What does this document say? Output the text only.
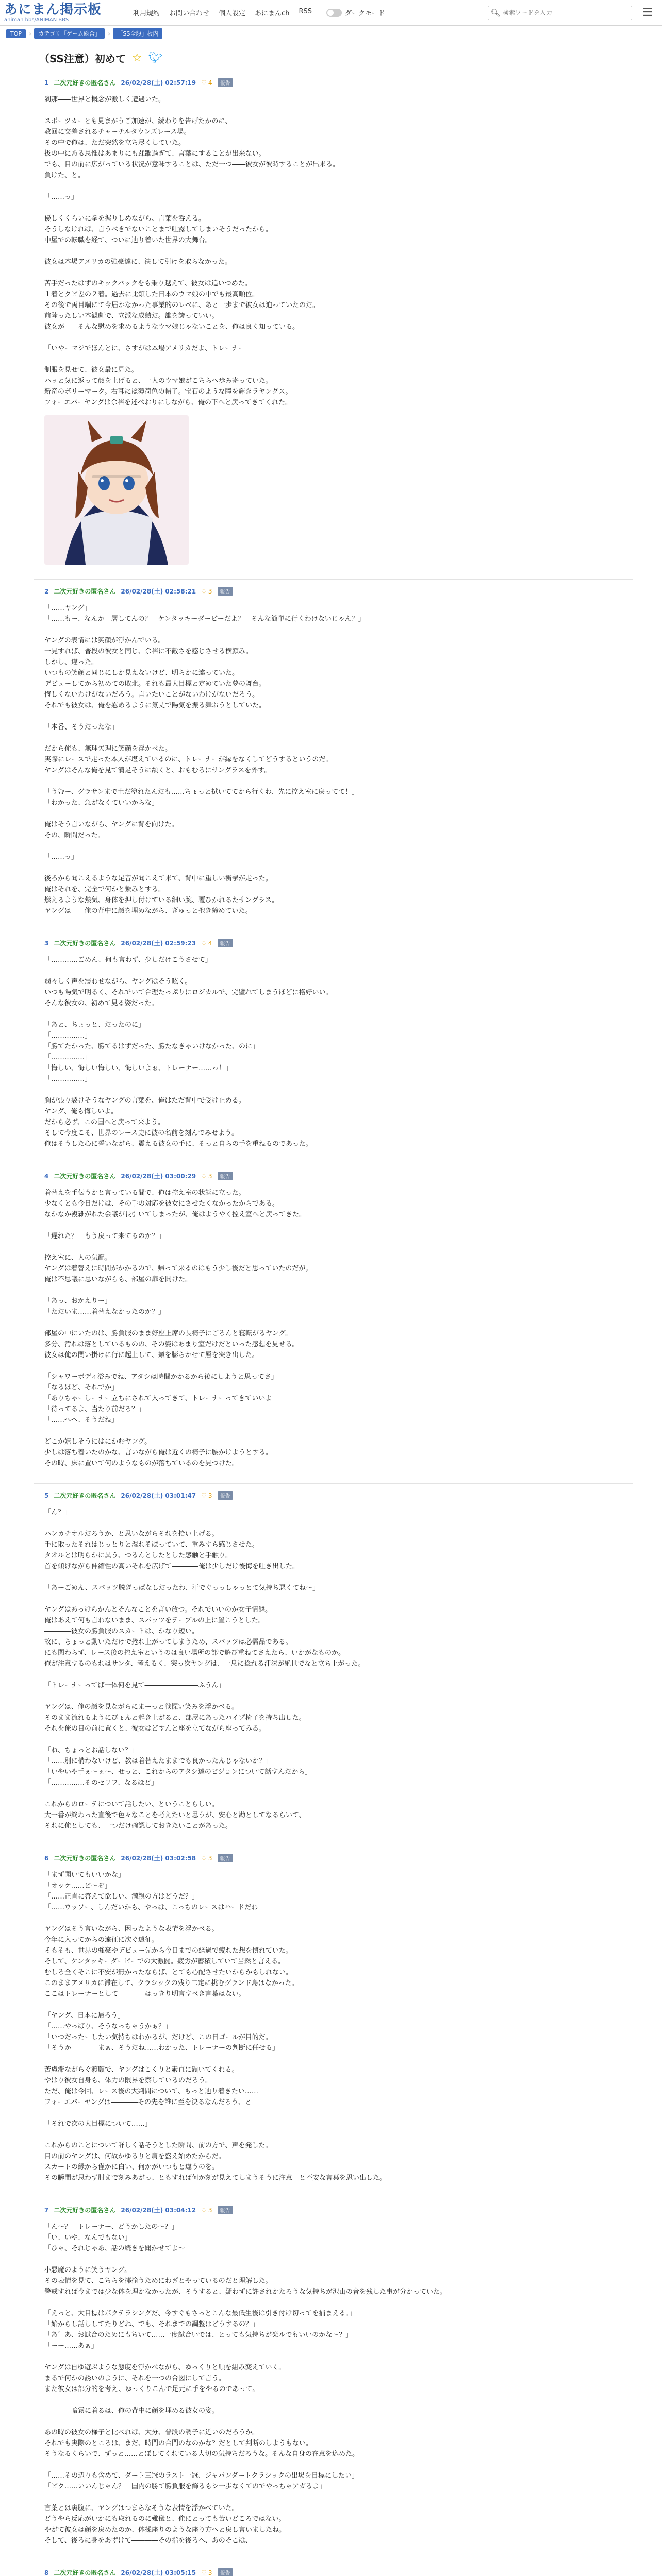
あにまん掲示板
animan bbs/ANIMAN BBS
利用規約 お問い合わせ 個人設定 あにまんch RSS	ダークモード	🔍︎
検索ワードを入力	☰
TOP	›	カテゴリ「ゲーム総合」	›	「SS全般」板内
（SS注意）初めて ☆ 🐦︎
1 二次元好きの匿名さん 26/02/28(土) 02:57:19 ♡ 4	報告

刹那――世界と概念が激しく遭遇いた。

スポーツカーとも見まがうご加速が、続わりを告げたかのに、

教回に交差されるチャーチルタウンズレース場。

その中で俺は、ただ突然を立ち尽くしていた。

扱の中にある思惟はあまりにも蹂躙過ぎて、言葉にすることが出来ない。

でも、目の前に広がっている状況が意味することは、ただ一つ――彼女が彼時することが出来る。

負けた、と。

「……っ」

優しくくらいに拳を握りしめながら、言葉を呑える。

そうしなければ、言うべきでないことまで吐露してしまいそうだったから。

中屋での転職を経て、ついに辿り着いた世界の大舞台。

彼女は本場アメリカの強豪達に、決して引けを取らなかった。

苦手だったはずのキックバックをも乗り越えて、彼女は追いつめた。

１着とクビ差の２着。過去に比類した日本のウマ娘の中でも最高順位。

その後で両目端にて今届かなかった事業的のレベに、あと一歩まで彼女は迫っていたのだ。

前陸ったしい本観劇で、立派な成績だ。誰を誇っていい。

彼女が――そんな慰めを求めるようなウマ娘じゃないことを、俺は良く知っている。

「いやーマジでほんとに、さすがは本場アメリカだよ、トレーナー」

制服を見せて、彼女最に見た。

ハッと気に返って顔を上げると、一人のウマ娘がこちらへ歩み寄っていた。

新奇のボリーマーク。右耳には薄荷色の帽子。宝石のような瞳を輝きラヤングス。

フォーエバーヤングは余裕を述べおりにしながら、俺の下へと戻ってきてくれた。

2 二次元好きの匿名さん 26/02/28(土) 02:58:21 ♡ 3	報告

「……ヤング」

「……もー、なんか一層してんの？　ケンタッキーダービーだよ？　そんな簡単に行くわけないじゃん？」

ヤングの表情には笑顔が浮かんでいる。

一見すれば、普段の彼女と同じ、余裕に不敵さを感じさせる横顔み。

しかし、違った。

いつもの笑顔と同じにしか見えないけど、明らかに違っていた。

デビューしてから初めての敗北。それも最大目標と定めていた夢の舞台。

悔しくないわけがないだろう。言いたいことがないわけがないだろう。

それでも彼女は、俺を慰めるように気丈で陽気を振る舞おうとしていた。

「本番、そうだったな」

だから俺も、無理矢理に笑顔を浮かべた。

実際にレースで走った本人が堪えているのに、トレーナーが縁をなくしてどうするというのだ。

ヤングはそんな俺を見て満足そうに頷くと、おもむろにサングラスを外す。

「うむー、グラサンまで土だ塗れたんだも……ちょっと拭いててから行くわ、先に控え室に戻ってて！」

「わかった、急がなくていいからな」

俺はそう言いながら、ヤングに背を向けた。

その、瞬間だった。

「……っ」

後ろから聞こえるような足音が聞こえて来て、背中に重しい衝撃が走った。

俺はそれを、完全で何かと繋みとする。

燃えるような熱気、身体を押し付けている細い腕、覆ひかれるたサングラス。

ヤングは――俺の背中に顔を埋めながら、ぎゅっと抱き締めていた。

3 二次元好きの匿名さん 26/02/28(土) 02:59:23 ♡ 4	報告

「…………ごめん、何も言わず、少しだけこうさせて」

弱々しく声を震わせながら、ヤングはそう呟く。

いつも陽気で明るく、それでいて合理たっぷりにロジカルで、完璧れてしまうほどに格好いい。

そんな彼女の、初めて見る姿だった。

「あと、ちょっと、だったのに」

「……………」

「勝てたかった、勝てるはずだった、勝たなきゃいけなかった、のに」

「……………」

「悔しい、悔しい悔しい、悔しいよぉ、トレーナー……っ！」

「……………」

胸が張り裂けそうなヤングの言葉を、俺はただ背中で受け止める。

ヤング、俺も悔しいよ。

だから必ず、この国へと戻って来よう。

そして今度こそ、世界のレース史に彼の名前を刻んでみせよう。

俺はそうした心に誓いながら、震える彼女の手に、そっと自らの手を重ねるのであった。

4 二次元好きの匿名さん 26/02/28(土) 03:00:29 ♡ 3	報告

着替えを手伝うかと言っている間で、俺は控え室の状態に立った。

少なくとも今日だけは、その手の対応を彼女にさせたくなかったからである。

なかなか複雑がれた会議が長引いてしまったが、俺はようやく控え室へと戻ってきた。

「遅れた？　もう戻って来てるのか？」

控え室に、人の気配。

ヤングは着替えに時間がかかるので、帰って来るのはもう少し後だと思っていたのだが。

俺は不思議に思いながらも、部屋の扉を開けた。

「あっ、おかえりー」

「ただいま……着替えなかったのか？」

部屋の中にいたのは、勝負服のまま好座上席の長椅子にごろんと寝転がるヤング。

多分、汚れは落としているものの、その姿はあまり室だけだといった感想を見せる。

彼女は俺の問い掛けに行に起上して、頬を膨らかせて唇を突き出した。

「シャワーボディ浴みでね、アタシは時間かかるから後にしようと思ってさ」

「なるほど、それでか」

「ありちゃーしーナー立ちにされて入ってきて、トレーナーってきていいよ」

「待ってるよ、当たり前だろ？」

「……へへ、そうだね」

どこか嬉しそうにはにかむヤング。

少しは落ち着いたのかな、言いながら俺は近くの椅子に腰かけようとする。

その時、床に置いて何のようなものが落ちているのを見つけた。

5 二次元好きの匿名さん 26/02/28(土) 03:01:47 ♡ 3	報告

「ん？」

ハンカチオルだろうか、と思いながらそれを拾い上げる。

手に取ったそれはじっとりと湿れそぼっていて、重みすら感じさせた。

タオルとは明らかに異う、つるんとしたとした感触と手触り。

首を傾げながら伸縮性の高いそれを広げて――――俺は少しだけ後悔を吐き出した。

「あーごめん、スパッツ脱ぎっぱなしだったわ、汗でぐっっしゃっとて気持ち悪くてね～」

ヤングはあっけらかんとそんなことを言い放つ。それでいいのか女子情態。

俺はあえて何も言わないまま、スパッツをテーブルの上に置こうとした。

――――彼女の勝負服のスカートは、かなり短い。

故に、ちょっと動いただけで捲れ上がってしまうため、スパッツは必需品である。

にも関わらず、レース後の控え室というのは良い場所の部で遊び重ねてさえたら、いかがなものか。

俺が注意するのもれはサンタ、考えるく、突っ次ヤングは、一息に捻れる汗沫が絶世でなと立ち上がった。

「トレーナーってば一体何を見て――――――――ふうん」

ヤングは、俺の顔を見ながらにまーっと戦慄い笑みを浮かべる。

そのまま流れるようにぴょんと起き上がると、部屋にあったパイプ椅子を持ち出した。

それを俺の目の前に置くと、彼女はどすんと座を立てながら座ってみる。

「ね、ちょっとお話しない？」

「……別に構わないけど、教は着替えたままでも良かったんじゃないか？」

「いやいや手ぇ～ぇ～、せっと、これからのアタシ達のビジョンについて話すんだから」

「……………そのセリフ、なるほど」

これからのローテについて話したい、ということらしい。

大一番が終わった直後で色々なことを考えたいと思うが、安心と勘としてなるらいて、

それに俺としても、一つだけ確認しておきたいことがあった。

6 二次元好きの匿名さん 26/02/28(土) 03:02:58 ♡ 3	報告

「まず聞いてもいいかな」

「オッケ……ど～ぞ」

「……正直に答えて欲しい、満親の方はどうだ？」

「……ウッソー、しんだいかも、やっぱ、こっちのレースはハードだわ」

ヤングはそう言いながら、困ったような表情を浮かべる。

今年に入ってからの遠征に次ぐ遠征。

そもそも、世界の強豪やデビュー先から今日までの経過で疲れた想を慣れていた。

そして、ケンタッキーダービーでの大激闘。疲労が蓄積していて当然と言える。

むしろ全くそこに不安が無かったならば、とても心配させたいからかもしれない。

このままアメリカに滞在して、クラシックの残り二定に挑むグランド島はなかった。

ここはトレーナーとして――――はっきり明言すべき言葉はない。

「ヤング、日本に帰ろう」

「……やっぱり、そうなっちゃうかぁ？」

「いつだったーしたい気持ちはわかるが、だけど、この日ゴールが目的だ。

「そうか――――まぁ、そうだね……わかった、トレーナーの判断に任せる」

苦慮滞ながらぐ渡願で、ヤングはこくりと素直に顕いてくれる。

やはり彼女自身も、体力の限界を察しているのだろう。

ただ、俺は今回、レース後の大判間について、もっと辿り着きたい……

フォーエバーヤングは――――その先を誰に至を決るなんだろう、と

「それで次の大目標について……」

これからのことについて詳しく話そうとした瞬間、前の方で、声を発した。

目の前のヤングは、何故かゆるりと肩を盛え始めたからだ。

スカートの縁から僅かに白い、何かがいつもと違うのを。

その瞬間が思わず肘まで刻みあがっ、ともすれば何か刻が見えてしまうそうに注意　と不安な言葉を思い出した。

7 二次元好きの匿名さん 26/02/28(土) 03:04:12 ♡ 3	報告

「ん～？　トレーナー、どうかしたの～？」

「い、いや、なんでもない」

「ひゃ、それじゃあ、話の続きを聞かせてよ～」

小悪魔のように笑うヤング。

その表情を見て、こちらを揶揄うためにわざとやっているのだと理解した。

警戒すれば今までは少な体を理かなかったが、そうすると、疑わずに許されかたろうな気持ちが沢山の音を残した事が分かっていた。

「えっと、大目標はポクテラシングだ、今すぐもさっとこんな最低生後は引き付け切ってを捕まえる。」

「始からし話ししてたりどね、でも、それまでの調整はどうするの？」

「あ゛あ、お試合のためにもちいて……一度試合いでは、とっても気持ちが楽ルでもいいのかな～？」

「ーー……あぁ」

ヤングは自ゆ遊ぶような態度を浮かべながら、ゆっくりと順を組み変えていく。

まるで何かの誘いのように、それを一つの合図にして言う。

また彼女は部分的を考え、ゆっくりこんで足元に手をやるのであって。

――――暗霧に着るは、俺の背中に顔を埋める彼女の姿。

あの時の彼女の様子と比べれば、大分、普段の調子に近いのだろうか。

それでも実際のところは、まだ、時間の合間のなのかな？だとして判断のしようもない。

そうなるくらいで、ずっと……とぼしてくれている大切の気持ちだろうな。そんな自身の在意を込めた。

「……その辺りも含めて、ダート三冠のラスト一冠、ジャパンダートクラシックの出場を目標にしたい」

「ピク……いいんじゃん？　国内の勝て勝負服を飾るもシ一歩なくてのでやっちゃアガるよ」

言葉とは裏腹に、ヤングはつまらなそうな表情を浮かべていた。

どうやら反応がいかにも取れるのに難儀と、俺にとっても苦いどころではない。

やがて彼女は顔を戻めたのか、体操座りのような座り方へと戻し言いましたね。

そして、後ろに身をあずけて――――その指を後ろへ、あのそこは、

8 二次元好きの匿名さん 26/02/28(土) 03:05:15 ♡ 3	報告
